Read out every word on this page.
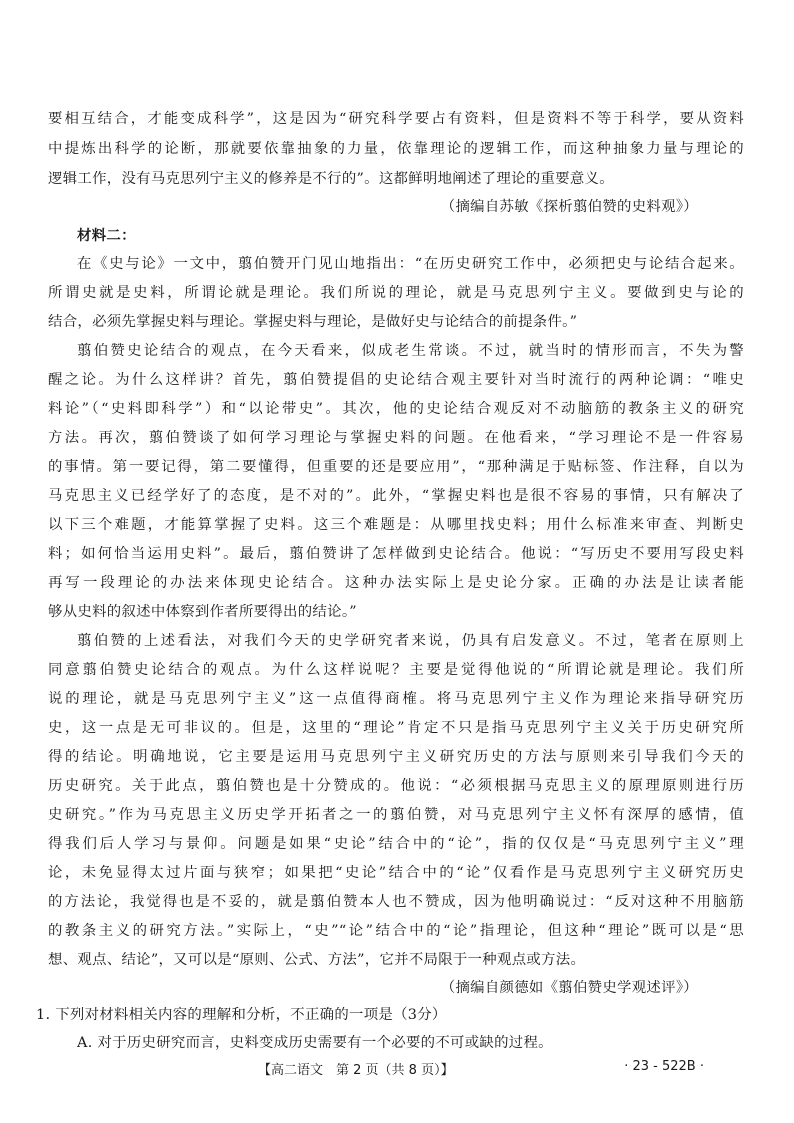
要相互结合，才能变成科学”，这是因为“研究科学要占有资料，但是资料不等于科学，要从资料
中提炼出科学的论断，那就要依靠抽象的力量，依靠理论的逻辑工作，而这种抽象力量与理论的
逻辑工作，没有马克思列宁主义的修养是不行的”。这都鲜明地阐述了理论的重要意义。
（摘编自苏敏《探析翦伯赞的史料观》）
材料二：
在《史与论》一文中，翦伯赞开门见山地指出：“在历史研究工作中，必须把史与论结合起来。
所谓史就是史料，所谓论就是理论。我们所说的理论，就是马克思列宁主义。要做到史与论的
结合，必须先掌握史料与理论。掌握史料与理论，是做好史与论结合的前提条件。”
翦伯赞史论结合的观点，在今天看来，似成老生常谈。不过，就当时的情形而言，不失为警
醒之论。为什么这样讲？首先，翦伯赞提倡的史论结合观主要针对当时流行的两种论调：“唯史
料论”（“史料即科学”）和“以论带史”。其次，他的史论结合观反对不动脑筋的教条主义的研究
方法。再次，翦伯赞谈了如何学习理论与掌握史料的问题。在他看来，“学习理论不是一件容易
的事情。第一要记得，第二要懂得，但重要的还是要应用”，“那种满足于贴标签、作注释，自以为
马克思主义已经学好了的态度，是不对的”。此外，“掌握史料也是很不容易的事情，只有解决了
以下三个难题，才能算掌握了史料。这三个难题是：从哪里找史料；用什么标准来审查、判断史
料；如何恰当运用史料”。最后，翦伯赞讲了怎样做到史论结合。他说：“写历史不要用写段史料
再写一段理论的办法来体现史论结合。这种办法实际上是史论分家。正确的办法是让读者能
够从史料的叙述中体察到作者所要得出的结论。”
翦伯赞的上述看法，对我们今天的史学研究者来说，仍具有启发意义。不过，笔者在原则上
同意翦伯赞史论结合的观点。为什么这样说呢？主要是觉得他说的“所谓论就是理论。我们所
说的理论，就是马克思列宁主义”这一点值得商榷。将马克思列宁主义作为理论来指导研究历
史，这一点是无可非议的。但是，这里的“理论”肯定不只是指马克思列宁主义关于历史研究所
得的结论。明确地说，它主要是运用马克思列宁主义研究历史的方法与原则来引导我们今天的
历史研究。关于此点，翦伯赞也是十分赞成的。他说：“必须根据马克思主义的原理原则进行历
史研究。”作为马克思主义历史学开拓者之一的翦伯赞，对马克思列宁主义怀有深厚的感情，值
得我们后人学习与景仰。问题是如果“史论”结合中的“论”，指的仅仅是“马克思列宁主义”理
论，未免显得太过片面与狭窄；如果把“史论”结合中的“论”仅看作是马克思列宁主义研究历史
的方法论，我觉得也是不妥的，就是翦伯赞本人也不赞成，因为他明确说过：“反对这种不用脑筋
的教条主义的研究方法。”实际上，“史”“论”结合中的“论”指理论，但这种“理论”既可以是“思
想、观点、结论”，又可以是“原则、公式、方法”，它并不局限于一种观点或方法。
（摘编自颜德如《翦伯赞史学观述评》）
1. 下列对材料相关内容的理解和分析，不正确的一项是（3分）
A. 对于历史研究而言，史料变成历史需要有一个必要的不可或缺的过程。
【高二语文　第 2 页（共 8 页）】	· 23 - 522B ·
